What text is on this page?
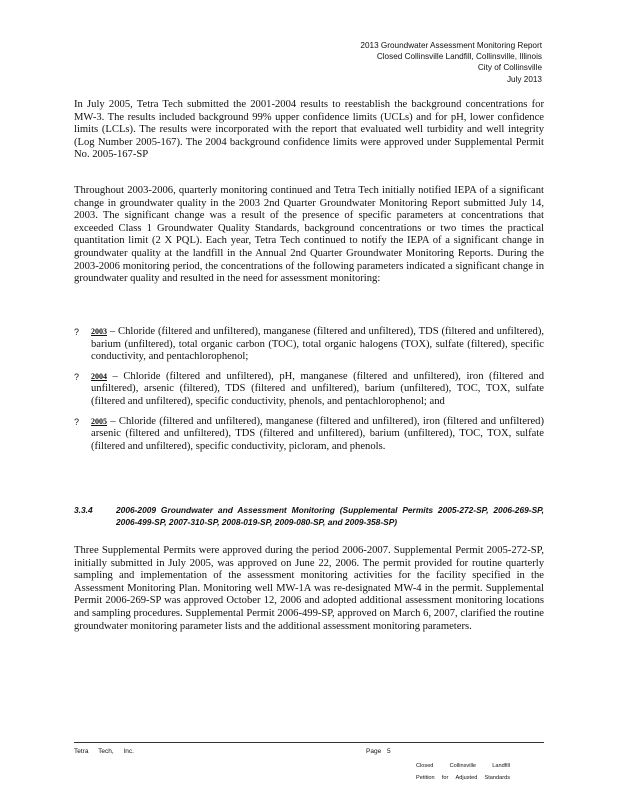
2013 Groundwater Assessment Monitoring Report
Closed Collinsville Landfill, Collinsville, Illinois
City of Collinsville
July 2013

In July 2005, Tetra Tech submitted the 2001-2004 results to reestablish the background concentrations for MW-3. The results included background 99% upper confidence limits (UCLs) and for pH, lower confidence limits (LCLs). The results were incorporated with the report that evaluated well turbidity and well integrity (Log Number 2005-167). The 2004 background confidence limits were approved under Supplemental Permit No. 2005-167-SP

Throughout 2003-2006, quarterly monitoring continued and Tetra Tech initially notified IEPA of a significant change in groundwater quality in the 2003 2nd Quarter Groundwater Monitoring Report submitted July 14, 2003. The significant change was a result of the presence of specific parameters at concentrations that exceeded Class 1 Groundwater Quality Standards, background concentrations or two times the practical quantitation limit (2 X PQL). Each year, Tetra Tech continued to notify the IEPA of a significant change in groundwater quality at the landfill in the Annual 2nd Quarter Groundwater Monitoring Reports. During the 2003-2006 monitoring period, the concentrations of the following parameters indicated a significant change in groundwater quality and resulted in the need for assessment monitoring:

? 2003 – Chloride (filtered and unfiltered), manganese (filtered and unfiltered), TDS (filtered and unfiltered), barium (unfiltered), total organic carbon (TOC), total organic halogens (TOX), sulfate (filtered), specific conductivity, and pentachlorophenol;
? 2004 – Chloride (filtered and unfiltered), pH, manganese (filtered and unfiltered), iron (filtered and unfiltered), arsenic (filtered), TDS (filtered and unfiltered), barium (unfiltered), TOC, TOX, sulfate (filtered and unfiltered), specific conductivity, phenols, and pentachlorophenol; and
? 2005 – Chloride (filtered and unfiltered), manganese (filtered and unfiltered), iron (filtered and unfiltered) arsenic (filtered and unfiltered), TDS (filtered and unfiltered), barium (unfiltered), TOC, TOX, sulfate (filtered and unfiltered), specific conductivity, picloram, and phenols.
3.3.4	2006-2009 Groundwater and Assessment Monitoring (Supplemental Permits 2005-272-SP, 2006-269-SP, 2006-499-SP, 2007-310-SP, 2008-019-SP, 2009-080-SP, and 2009-358-SP)

Three Supplemental Permits were approved during the period 2006-2007. Supplemental Permit 2005-272-SP, initially submitted in July 2005, was approved on June 22, 2006. The permit provided for routine quarterly sampling and implementation of the assessment monitoring activities for the facility specified in the Assessment Monitoring Plan. Monitoring well MW-1A was re-designated MW-4 in the permit. Supplemental Permit 2006-269-SP was approved October 12, 2006 and adopted additional assessment monitoring locations and sampling procedures. Supplemental Permit 2006-499-SP, approved on March 6, 2007, clarified the routine groundwater monitoring parameter lists and the additional assessment monitoring parameters.

Tetra Tech, Inc.	Page 5
Closed	Collinsville	Landfill
Petition for Adjusted Standards
